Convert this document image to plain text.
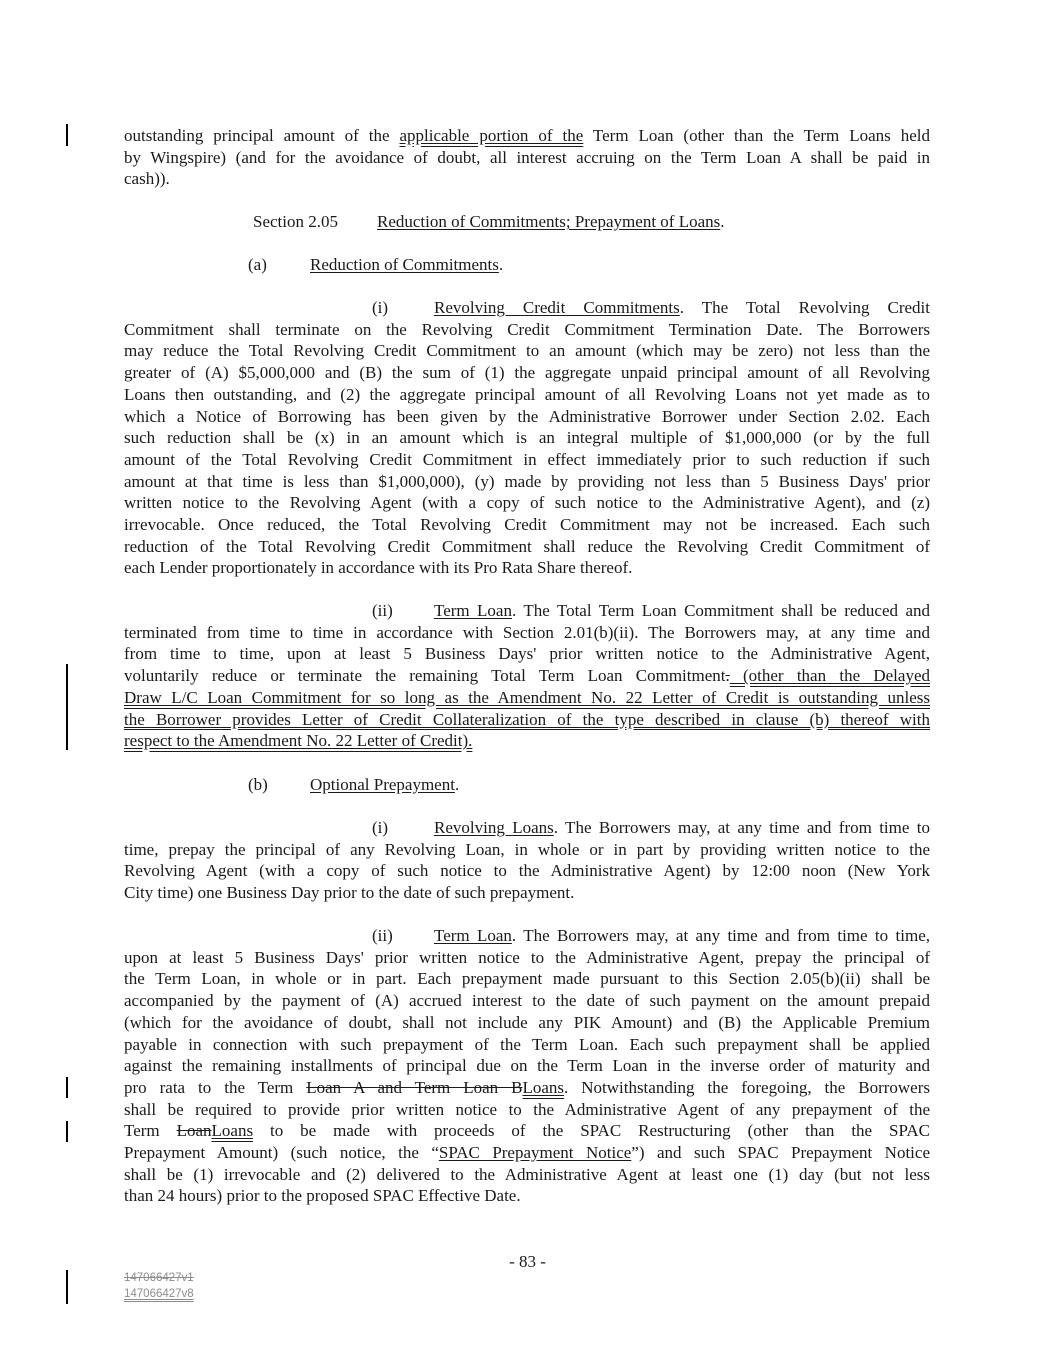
outstanding principal amount of the applicable portion of the Term Loan (other than the Term Loans held
by Wingspire) (and for the avoidance of doubt, all interest accruing on the Term Loan A shall be paid in
cash)).
Section 2.05 Reduction of Commitments; Prepayment of Loans.
(a)	Reduction of Commitments.
(i)	Revolving Credit Commitments. The Total Revolving Credit
Commitment shall terminate on the Revolving Credit Commitment Termination Date. The Borrowers
may reduce the Total Revolving Credit Commitment to an amount (which may be zero) not less than the
greater of (A) $5,000,000 and (B) the sum of (1) the aggregate unpaid principal amount of all Revolving
Loans then outstanding, and (2) the aggregate principal amount of all Revolving Loans not yet made as to
which a Notice of Borrowing has been given by the Administrative Borrower under Section 2.02. Each
such reduction shall be (x) in an amount which is an integral multiple of $1,000,000 (or by the full
amount of the Total Revolving Credit Commitment in effect immediately prior to such reduction if such
amount at that time is less than $1,000,000), (y) made by providing not less than 5 Business Days' prior
written notice to the Revolving Agent (with a copy of such notice to the Administrative Agent), and (z)
irrevocable. Once reduced, the Total Revolving Credit Commitment may not be increased. Each such
reduction of the Total Revolving Credit Commitment shall reduce the Revolving Credit Commitment of
each Lender proportionately in accordance with its Pro Rata Share thereof.
(ii) Term Loan. The Total Term Loan Commitment shall be reduced and
terminated from time to time in accordance with Section 2.01(b)(ii). The Borrowers may, at any time and
from time to time, upon at least 5 Business Days' prior written notice to the Administrative Agent,
voluntarily reduce or terminate the remaining Total Term Loan Commitment. (other than the Delayed
Draw L/C Loan Commitment for so long as the Amendment No. 22 Letter of Credit is outstanding unless
the Borrower provides Letter of Credit Collateralization of the type described in clause (b) thereof with
respect to the Amendment No. 22 Letter of Credit).
(b) Optional Prepayment.
(i)	Revolving Loans. The Borrowers may, at any time and from time to
time, prepay the principal of any Revolving Loan, in whole or in part by providing written notice to the
Revolving Agent (with a copy of such notice to the Administrative Agent) by 12:00 noon (New York
City time) one Business Day prior to the date of such prepayment.
(ii) Term Loan. The Borrowers may, at any time and from time to time,
upon at least 5 Business Days' prior written notice to the Administrative Agent, prepay the principal of
the Term Loan, in whole or in part. Each prepayment made pursuant to this Section 2.05(b)(ii) shall be
accompanied by the payment of (A) accrued interest to the date of such payment on the amount prepaid
(which for the avoidance of doubt, shall not include any PIK Amount) and (B) the Applicable Premium
payable in connection with such prepayment of the Term Loan. Each such prepayment shall be applied
against the remaining installments of principal due on the Term Loan in the inverse order of maturity and
pro rata to the Term Loan A and Term Loan BLoans. Notwithstanding the foregoing, the Borrowers
shall be required to provide prior written notice to the Administrative Agent of any prepayment of the
Term LoanLoans to be made with proceeds of the SPAC Restructuring (other than the SPAC
Prepayment Amount) (such notice, the “SPAC Prepayment Notice”) and such SPAC Prepayment Notice
shall be (1) irrevocable and (2) delivered to the Administrative Agent at least one (1) day (but not less
than 24 hours) prior to the proposed SPAC Effective Date.
- 83 -
147066427v1
147066427v8
